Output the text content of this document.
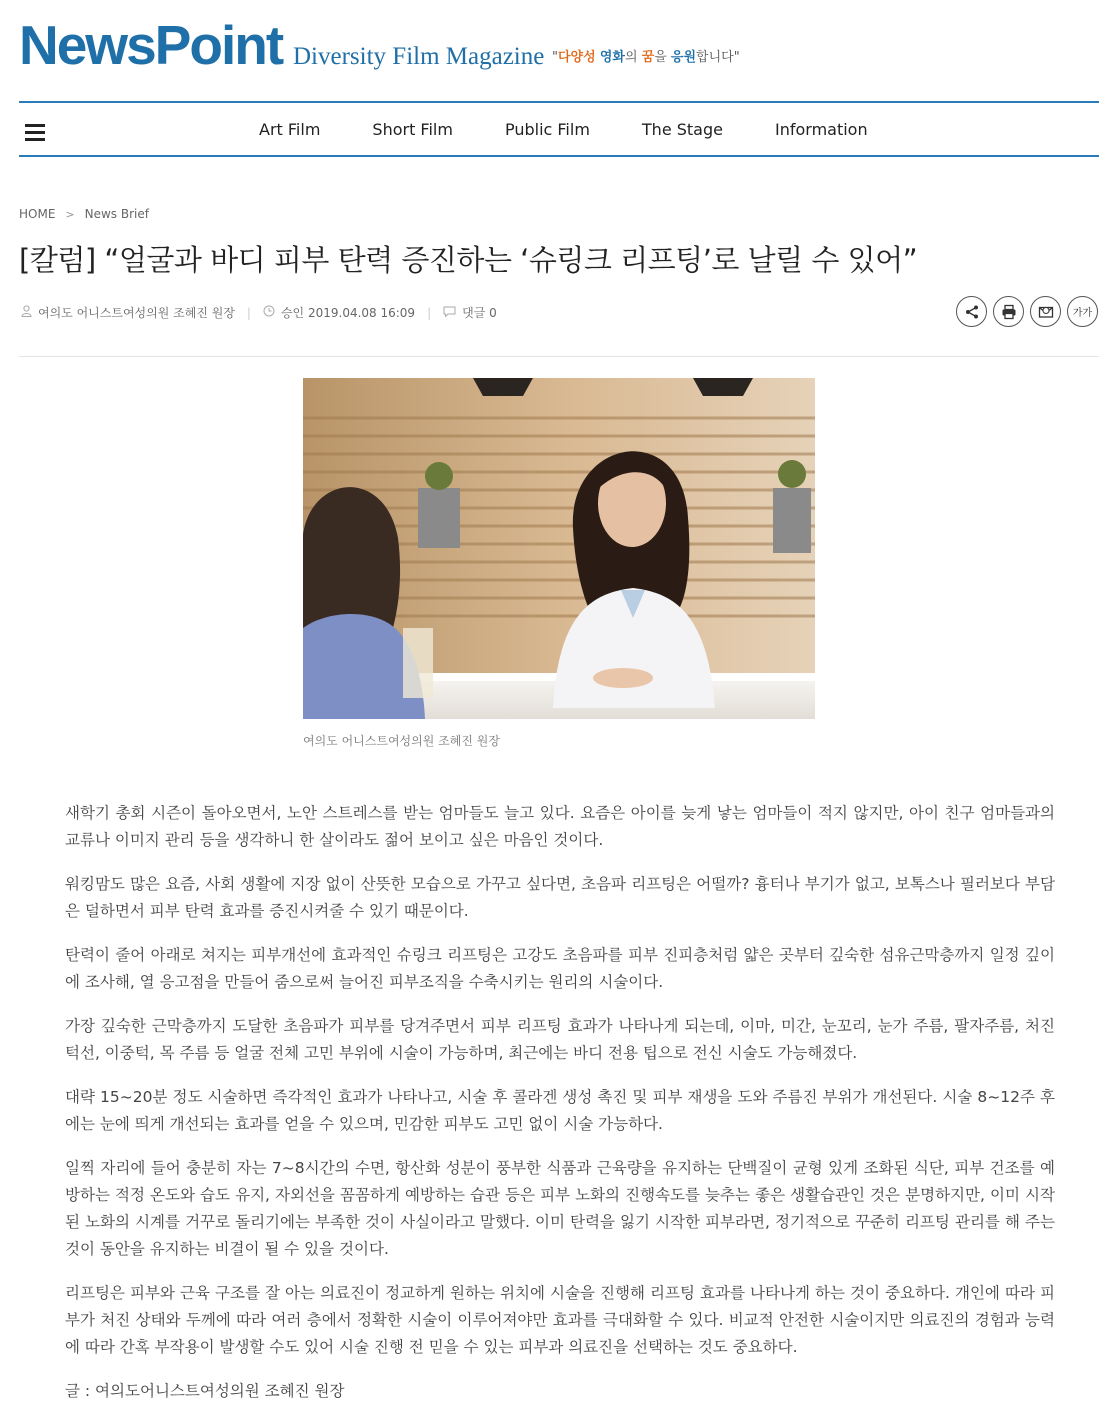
NewsPoint Diversity Film Magazine "다양성 영화의 꿈을 응원합니다"
Art Film	Short Film	Public Film	The Stage	Information
HOME > News Brief
[칼럼] “얼굴과 바디 피부 탄력 증진하는 ‘슈링크 리프팅’로 날릴 수 있어”
여의도 어니스트여성의원 조혜진 원장 |	승인 2019.04.08 16:09 |	댓글 0	가가
여의도 어니스트여성의원 조혜진 원장

새학기 총회 시즌이 돌아오면서, 노안 스트레스를 받는 엄마들도 늘고 있다. 요즘은 아이를 늦게 낳는 엄마들이 적지 않지만, 아이 친구 엄마들과의 교류나 이미지 관리 등을 생각하니 한 살이라도 젊어 보이고 싶은 마음인 것이다.

워킹맘도 많은 요즘, 사회 생활에 지장 없이 산뜻한 모습으로 가꾸고 싶다면, 초음파 리프팅은 어떨까? 흉터나 부기가 없고, 보톡스나 필러보다 부담은 덜하면서 피부 탄력 효과를 증진시켜줄 수 있기 때문이다.

탄력이 줄어 아래로 쳐지는 피부개선에 효과적인 슈링크 리프팅은 고강도 초음파를 피부 진피층처럼 얇은 곳부터 깊숙한 섬유근막층까지 일정 깊이에 조사해, 열 응고점을 만들어 줌으로써 늘어진 피부조직을 수축시키는 원리의 시술이다.

가장 깊숙한 근막층까지 도달한 초음파가 피부를 당겨주면서 피부 리프팅 효과가 나타나게 되는데, 이마, 미간, 눈꼬리, 눈가 주름, 팔자주름, 처진 턱선, 이중턱, 목 주름 등 얼굴 전체 고민 부위에 시술이 가능하며, 최근에는 바디 전용 팁으로 전신 시술도 가능해졌다.

대략 15~20분 정도 시술하면 즉각적인 효과가 나타나고, 시술 후 콜라겐 생성 촉진 및 피부 재생을 도와 주름진 부위가 개선된다. 시술 8~12주 후에는 눈에 띄게 개선되는 효과를 얻을 수 있으며, 민감한 피부도 고민 없이 시술 가능하다.

일찍 자리에 들어 충분히 자는 7~8시간의 수면, 항산화 성분이 풍부한 식품과 근육량을 유지하는 단백질이 균형 있게 조화된 식단, 피부 건조를 예방하는 적정 온도와 습도 유지, 자외선을 꼼꼼하게 예방하는 습관 등은 피부 노화의 진행속도를 늦추는 좋은 생활습관인 것은 분명하지만, 이미 시작된 노화의 시계를 거꾸로 돌리기에는 부족한 것이 사실이라고 말했다. 이미 탄력을 잃기 시작한 피부라면, 정기적으로 꾸준히 리프팅 관리를 해 주는 것이 동안을 유지하는 비결이 될 수 있을 것이다.

리프팅은 피부와 근육 구조를 잘 아는 의료진이 정교하게 원하는 위치에 시술을 진행해 리프팅 효과를 나타나게 하는 것이 중요하다. 개인에 따라 피부가 처진 상태와 두께에 따라 여러 층에서 정확한 시술이 이루어져야만 효과를 극대화할 수 있다. 비교적 안전한 시술이지만 의료진의 경험과 능력에 따라 간혹 부작용이 발생할 수도 있어 시술 진행 전 믿을 수 있는 피부과 의료진을 선택하는 것도 중요하다.

글 : 여의도어니스트여성의원 조혜진 원장
